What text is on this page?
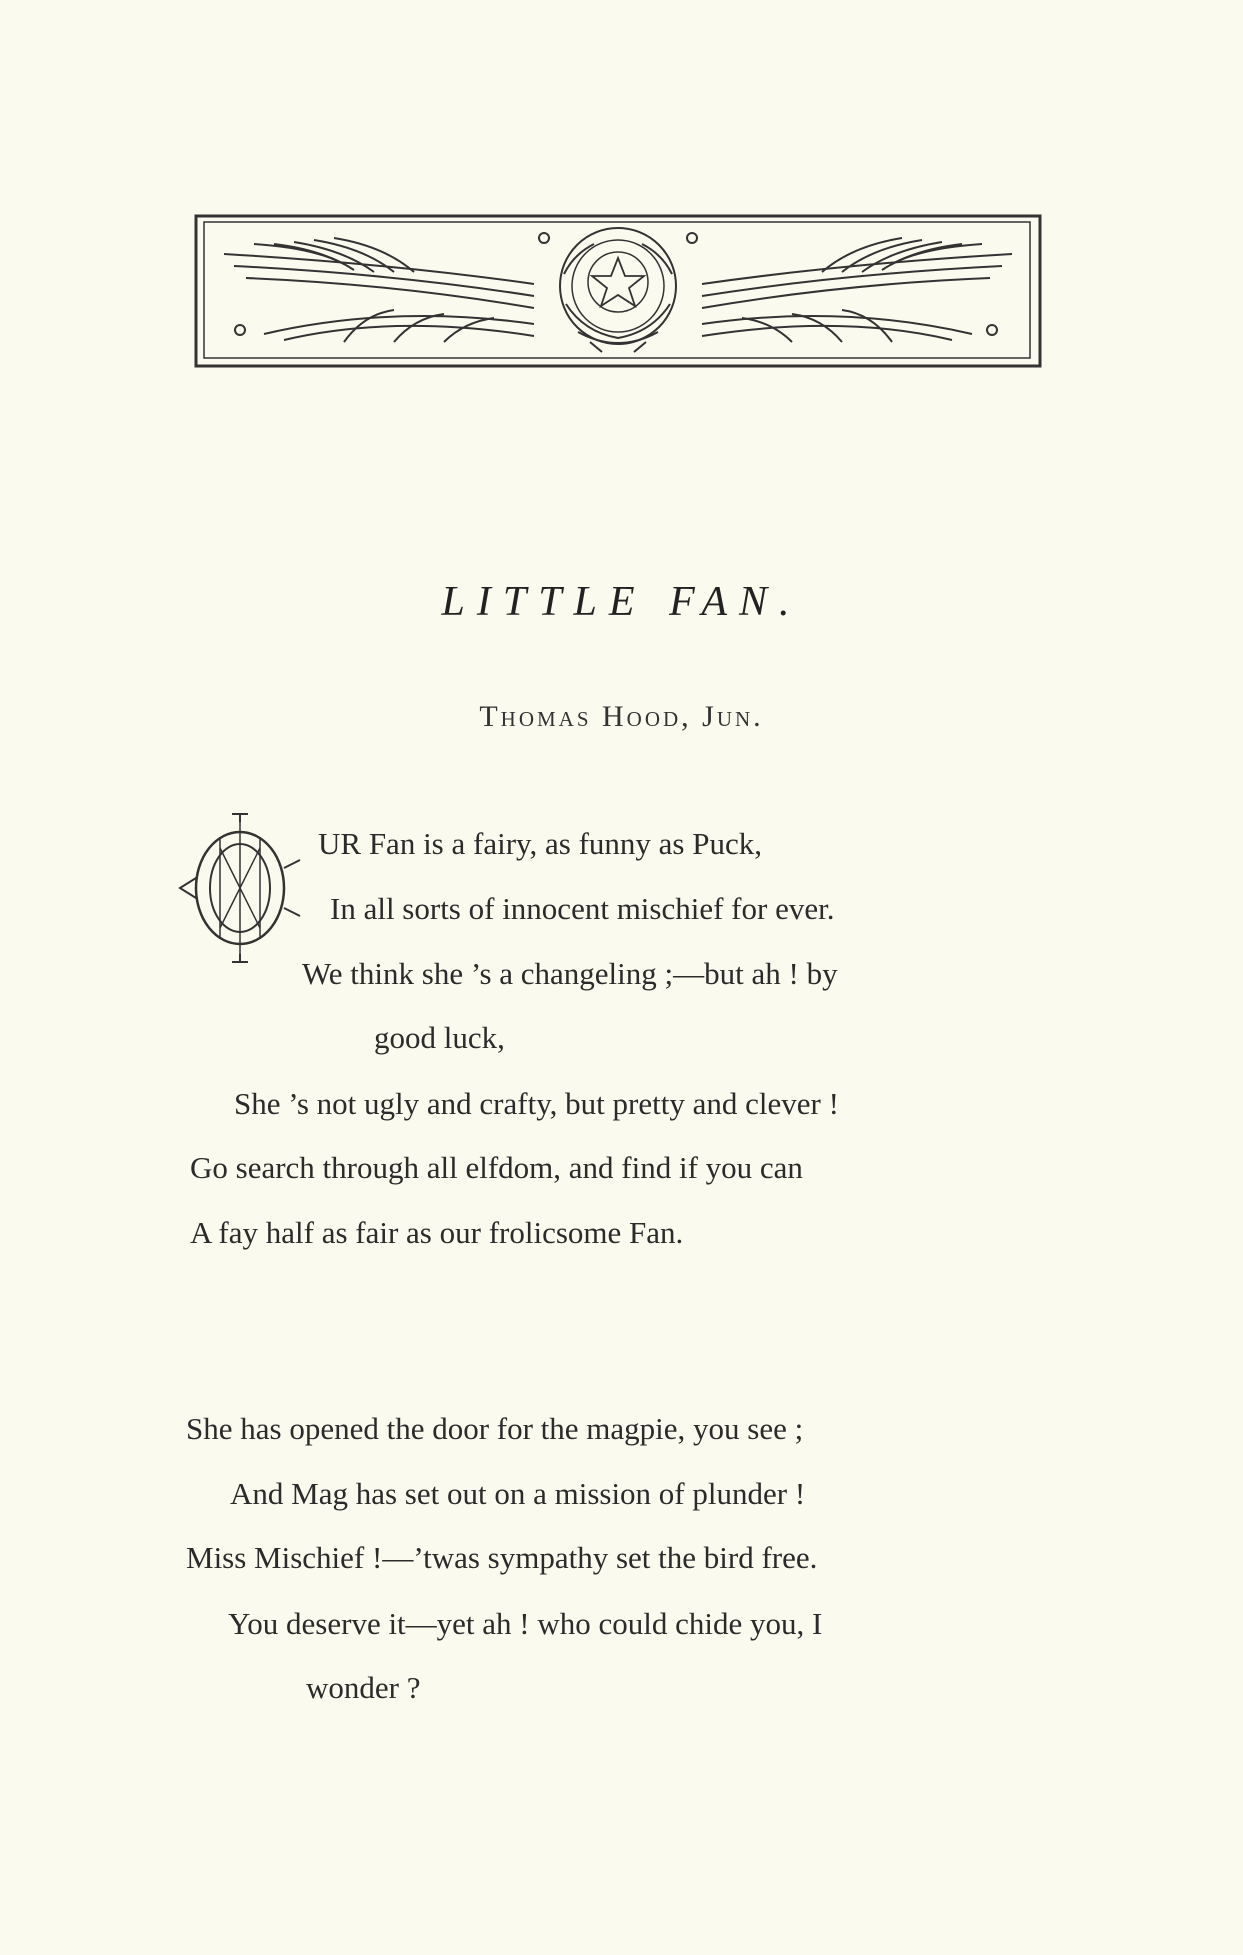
LITTLE FAN.
Thomas Hood, Jun.
UR Fan is a fairy, as funny as Puck,
In all sorts of innocent mischief for ever.
We think she ’s a changeling ;—but ah ! by
good luck,
She ’s not ugly and crafty, but pretty and clever !
Go search through all elfdom, and find if you can
A fay half as fair as our frolicsome Fan.
She has opened the door for the magpie, you see ;
And Mag has set out on a mission of plunder !
Miss Mischief !—’twas sympathy set the bird free.
You deserve it—yet ah ! who could chide you, I
wonder ?
